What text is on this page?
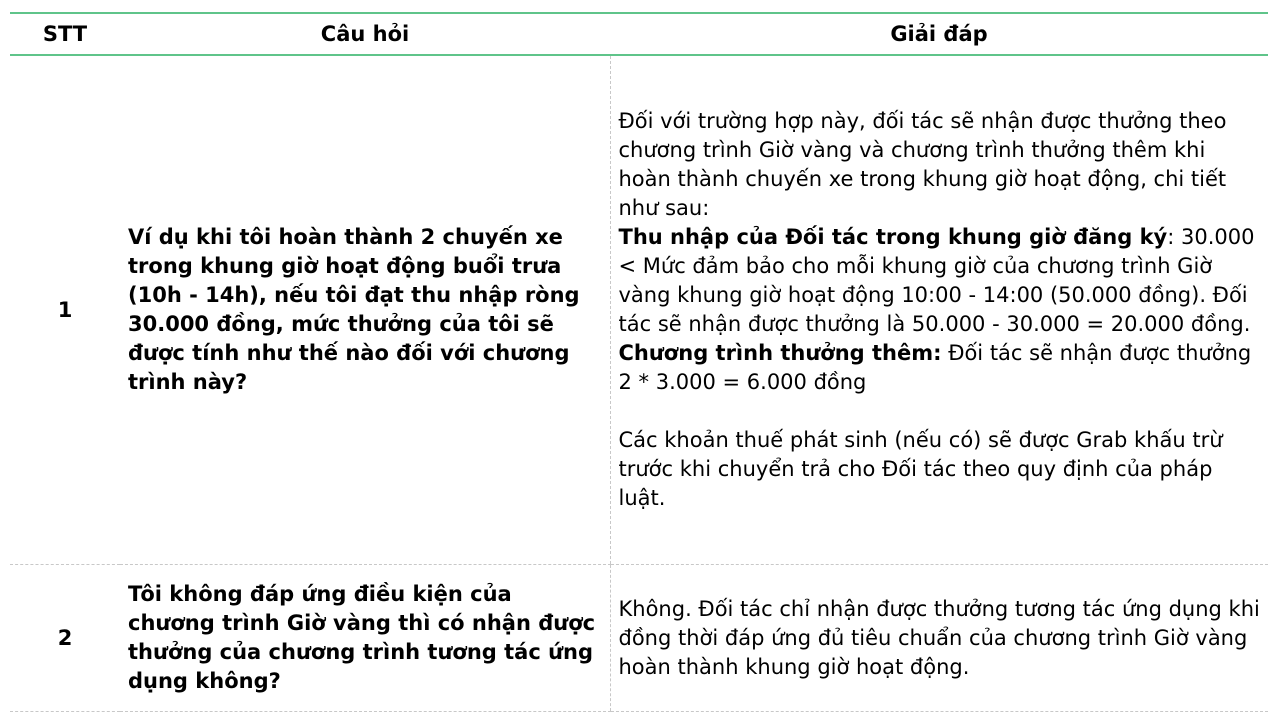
STT	Câu hỏi	Giải đáp
1	Ví dụ khi tôi hoàn thành 2 chuyến xe trong khung giờ hoạt động buổi trưa (10h - 14h), nếu tôi đạt thu nhập ròng 30.000 đồng, mức thưởng của tôi sẽ được tính như thế nào đối với chương trình này?	Đối với trường hợp này, đối tác sẽ nhận được thưởng theo chương trình Giờ vàng và chương trình thưởng thêm khi hoàn thành chuyến xe trong khung giờ hoạt động, chi tiết như sau:

Thu nhập của Đối tác trong khung giờ đăng ký: 30.000 < Mức đảm bảo cho mỗi khung giờ của chương trình Giờ vàng khung giờ hoạt động 10:00 - 14:00 (50.000 đồng). Đối tác sẽ nhận được thưởng là 50.000 - 30.000 = 20.000 đồng.

Chương trình thưởng thêm: Đối tác sẽ nhận được thưởng 2 * 3.000 = 6.000 đồng

Các khoản thuế phát sinh (nếu có) sẽ được Grab khấu trừ trước khi chuyển trả cho Đối tác theo quy định của pháp luật.

2	Tôi không đáp ứng điều kiện của chương trình Giờ vàng thì có nhận được thưởng của chương trình tương tác ứng dụng không?	Không. Đối tác chỉ nhận được thưởng tương tác ứng dụng khi đồng thời đáp ứng đủ tiêu chuẩn của chương trình Giờ vàng hoàn thành khung giờ hoạt động.
